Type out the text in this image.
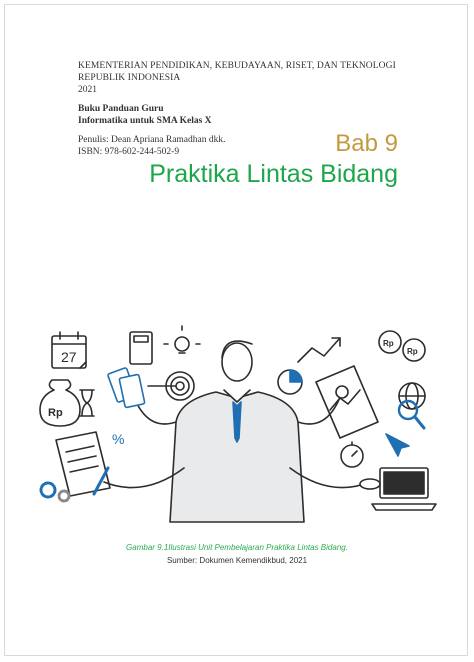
KEMENTERIAN PENDIDIKAN, KEBUDAYAAN, RISET, DAN TEKNOLOGI
REPUBLIK INDONESIA
2021
Buku Panduan Guru
Informatika untuk SMA Kelas X
Penulis: Dean Apriana Ramadhan dkk.
ISBN: 978-602-244-502-9	Bab 9
Praktika Lintas Bidang
27
Rp
Rp
Rp
%
Gambar 9.1Ilustrasi Unit Pembelajaran Praktika Lintas Bidang.
Sumber: Dokumen Kemendikbud, 2021
